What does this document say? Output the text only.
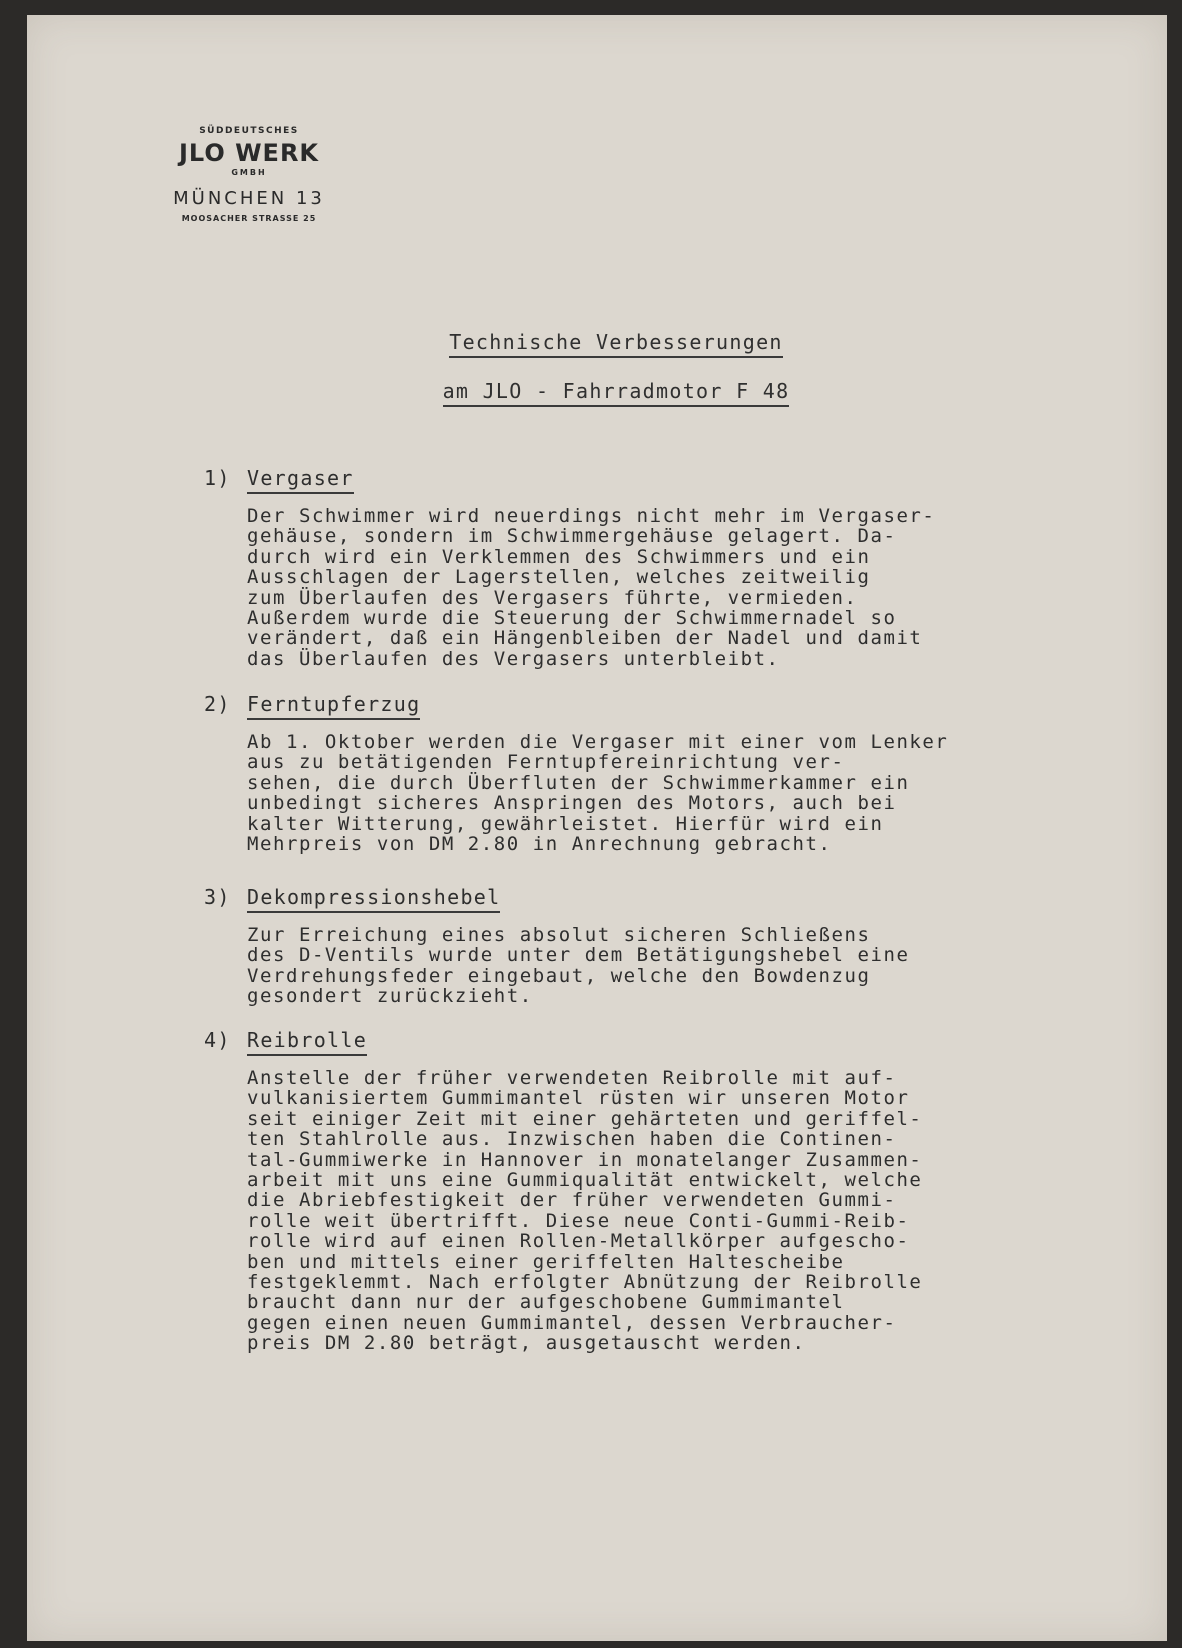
SÜDDEUTSCHES
JLO WERK
GMBH
MÜNCHEN 13
MOOSACHER STRASSE 25
Technische Verbesserungen
am JLO - Fahrradmotor F 48
1) Vergaser
Der Schwimmer wird neuerdings nicht mehr im Vergaser-
gehäuse, sondern im Schwimmergehäuse gelagert. Da-
durch wird ein Verklemmen des Schwimmers und ein
Ausschlagen der Lagerstellen, welches zeitweilig
zum Überlaufen des Vergasers führte, vermieden.
Außerdem wurde die Steuerung der Schwimmernadel so
verändert, daß ein Hängenbleiben der Nadel und damit
das Überlaufen des Vergasers unterbleibt.
2) Ferntupferzug
Ab 1. Oktober werden die Vergaser mit einer vom Lenker
aus zu betätigenden Ferntupfereinrichtung ver-
sehen, die durch Überfluten der Schwimmerkammer ein
unbedingt sicheres Anspringen des Motors, auch bei
kalter Witterung, gewährleistet. Hierfür wird ein
Mehrpreis von DM 2.80 in Anrechnung gebracht.
3) Dekompressionshebel
Zur Erreichung eines absolut sicheren Schließens
des D-Ventils wurde unter dem Betätigungshebel eine
Verdrehungsfeder eingebaut, welche den Bowdenzug
gesondert zurückzieht.
4) Reibrolle
Anstelle der früher verwendeten Reibrolle mit auf-
vulkanisiertem Gummimantel rüsten wir unseren Motor
seit einiger Zeit mit einer gehärteten und geriffel-
ten Stahlrolle aus. Inzwischen haben die Continen-
tal-Gummiwerke in Hannover in monatelanger Zusammen-
arbeit mit uns eine Gummiqualität entwickelt, welche
die Abriebfestigkeit der früher verwendeten Gummi-
rolle weit übertrifft. Diese neue Conti-Gummi-Reib-
rolle wird auf einen Rollen-Metallkörper aufgescho-
ben und mittels einer geriffelten Haltescheibe
festgeklemmt. Nach erfolgter Abnützung der Reibrolle
braucht dann nur der aufgeschobene Gummimantel
gegen einen neuen Gummimantel, dessen Verbraucher-
preis DM 2.80 beträgt, ausgetauscht werden.
